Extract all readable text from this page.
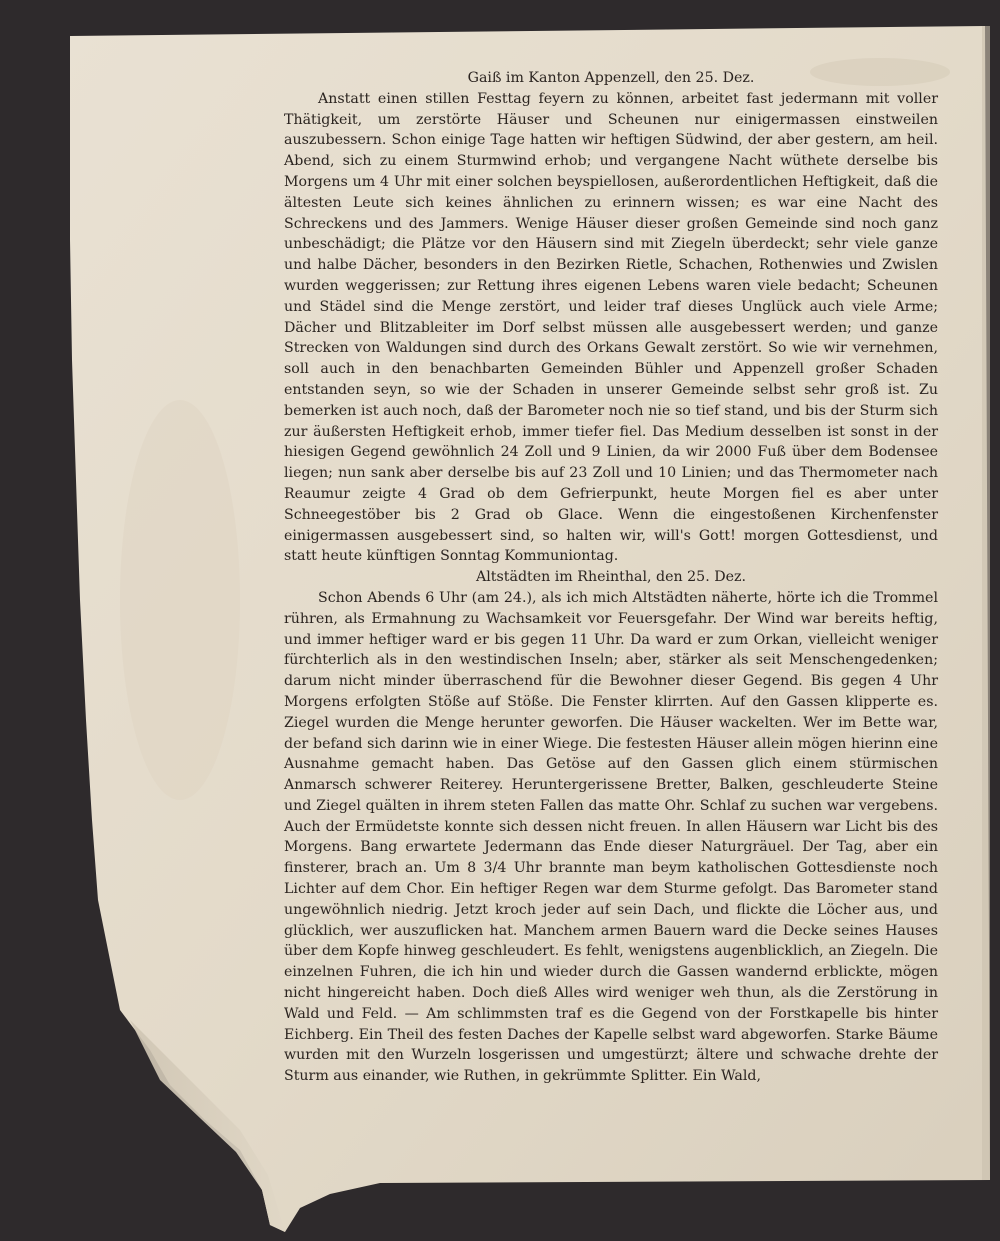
Gaiß im Kanton Appenzell, den 25. Dez.

Anstatt einen stillen Festtag feyern zu können, arbeitet fast jedermann mit voller Thätigkeit, um zerstörte Häuser und Scheunen nur einigermassen einstweilen auszubessern. Schon einige Tage hatten wir heftigen Südwind, der aber gestern, am heil. Abend, sich zu einem Sturmwind erhob; und vergangene Nacht wüthete derselbe bis Morgens um 4 Uhr mit einer solchen beyspiellosen, außerordentlichen Heftigkeit, daß die ältesten Leute sich keines ähnlichen zu erinnern wissen; es war eine Nacht des Schreckens und des Jammers. Wenige Häuser dieser großen Gemeinde sind noch ganz unbeschädigt; die Plätze vor den Häusern sind mit Ziegeln überdeckt; sehr viele ganze und halbe Dächer, besonders in den Bezirken Rietle, Schachen, Rothenwies und Zwislen wurden weggerissen; zur Rettung ihres eigenen Lebens waren viele bedacht; Scheunen und Städel sind die Menge zerstört, und leider traf dieses Unglück auch viele Arme; Dächer und Blitzableiter im Dorf selbst müssen alle ausgebessert werden; und ganze Strecken von Waldungen sind durch des Orkans Gewalt zerstört. So wie wir vernehmen, soll auch in den benachbarten Gemeinden Bühler und Appenzell großer Schaden entstanden seyn, so wie der Schaden in unserer Gemeinde selbst sehr groß ist. Zu bemerken ist auch noch, daß der Barometer noch nie so tief stand, und bis der Sturm sich zur äußersten Heftigkeit erhob, immer tiefer fiel. Das Medium desselben ist sonst in der hiesigen Gegend gewöhnlich 24 Zoll und 9 Linien, da wir 2000 Fuß über dem Bodensee liegen; nun sank aber derselbe bis auf 23 Zoll und 10 Linien; und das Thermometer nach Reaumur zeigte 4 Grad ob dem Gefrierpunkt, heute Morgen fiel es aber unter Schneegestöber bis 2 Grad ob Glace. Wenn die eingestoßenen Kirchenfenster einigermassen ausgebessert sind, so halten wir, will's Gott! morgen Gottesdienst, und statt heute künftigen Sonntag Kommuniontag.

Altstädten im Rheinthal, den 25. Dez.

Schon Abends 6 Uhr (am 24.), als ich mich Altstädten näherte, hörte ich die Trommel rühren, als Ermahnung zu Wachsamkeit vor Feuersgefahr. Der Wind war bereits heftig, und immer heftiger ward er bis gegen 11 Uhr. Da ward er zum Orkan, vielleicht weniger fürchterlich als in den westindischen Inseln; aber, stärker als seit Menschengedenken; darum nicht minder überraschend für die Bewohner dieser Gegend. Bis gegen 4 Uhr Morgens erfolgten Stöße auf Stöße. Die Fenster klirrten. Auf den Gassen klipperte es. Ziegel wurden die Menge herunter geworfen. Die Häuser wackelten. Wer im Bette war, der befand sich darinn wie in einer Wiege. Die festesten Häuser allein mögen hierinn eine Ausnahme gemacht haben. Das Getöse auf den Gassen glich einem stürmischen Anmarsch schwerer Reiterey. Heruntergerissene Bretter, Balken, geschleuderte Steine und Ziegel quälten in ihrem steten Fallen das matte Ohr. Schlaf zu suchen war vergebens. Auch der Ermüdetste konnte sich dessen nicht freuen. In allen Häusern war Licht bis des Morgens. Bang erwartete Jedermann das Ende dieser Naturgräuel. Der Tag, aber ein finsterer, brach an. Um 8 3/4 Uhr brannte man beym katholischen Gottesdienste noch Lichter auf dem Chor. Ein heftiger Regen war dem Sturme gefolgt. Das Barometer stand ungewöhnlich niedrig. Jetzt kroch jeder auf sein Dach, und flickte die Löcher aus, und glücklich, wer auszuflicken hat. Manchem armen Bauern ward die Decke seines Hauses über dem Kopfe hinweg geschleudert. Es fehlt, wenigstens augenblicklich, an Ziegeln. Die einzelnen Fuhren, die ich hin und wieder durch die Gassen wandernd erblickte, mögen nicht hingereicht haben. Doch dieß Alles wird weniger weh thun, als die Zerstörung in Wald und Feld. — Am schlimmsten traf es die Gegend von der Forstkapelle bis hinter Eichberg. Ein Theil des festen Daches der Kapelle selbst ward abgeworfen. Starke Bäume wurden mit den Wurzeln losgerissen und umgestürzt; ältere und schwache drehte der Sturm aus einander, wie Ruthen, in gekrümmte Splitter. Ein Wald,
